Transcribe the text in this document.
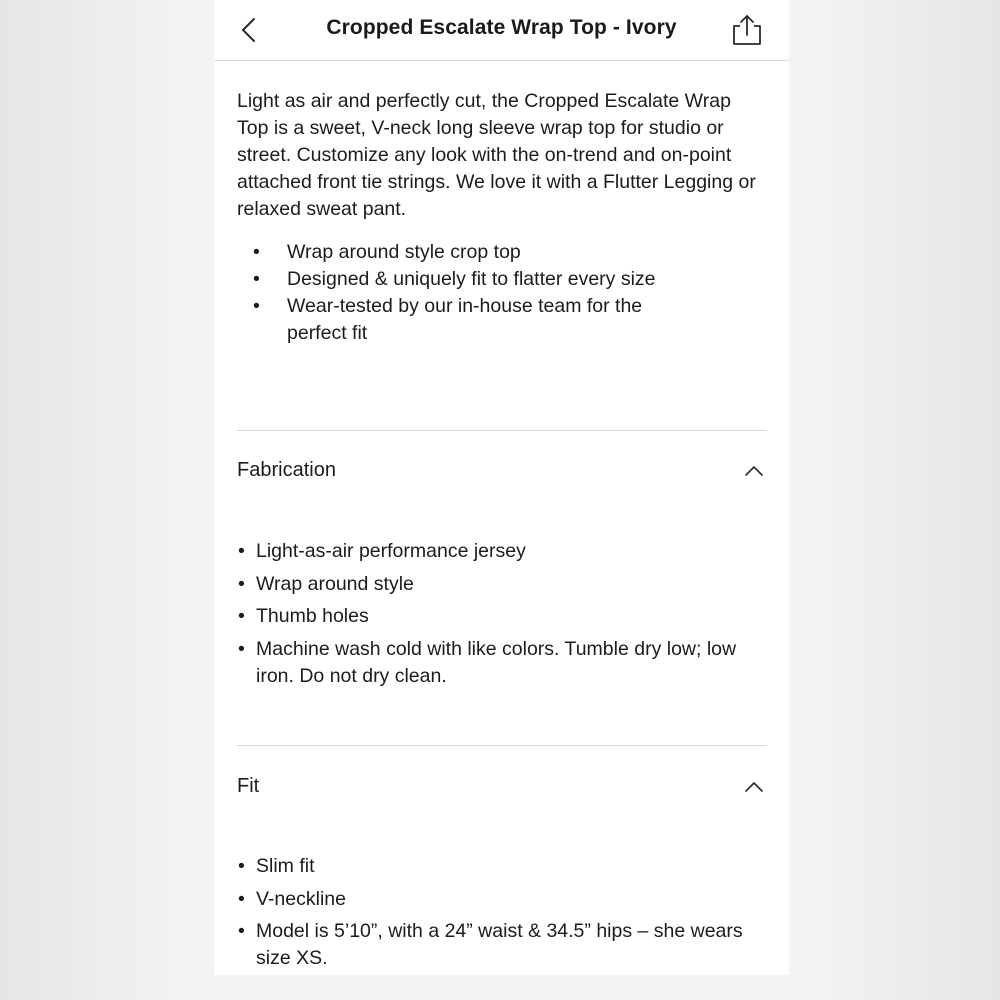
Cropped Escalate Wrap Top - Ivory

Light as air and perfectly cut, the Cropped Escalate Wrap Top is a sweet, V-neck long sleeve wrap top for studio or street. Customize any look with the on-trend and on-point attached front tie strings. We love it with a Flutter Legging or relaxed sweat pant.

• Wrap around style crop top
• Designed & uniquely fit to flatter every size
• Wear-tested by our in-house team for the perfect fit
Fabrication
• Light-as-air performance jersey
• Wrap around style
• Thumb holes
• Machine wash cold with like colors. Tumble dry low; low iron. Do not dry clean.
Fit
• Slim fit
• V-neckline
• Model is 5’10”, with a 24” waist & 34.5” hips – she wears size XS.
